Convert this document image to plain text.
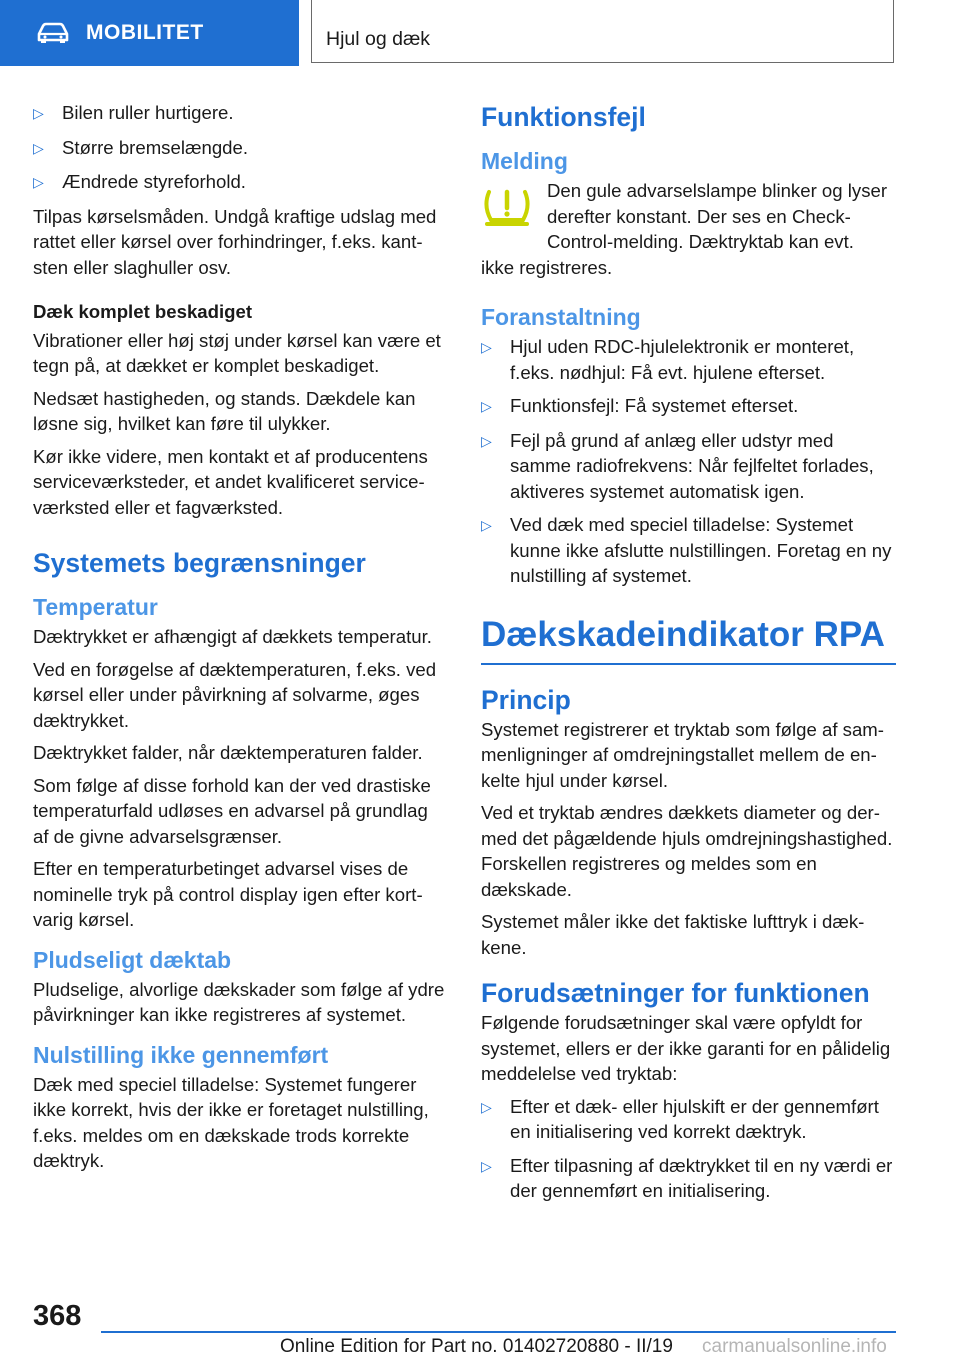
MOBILITET	Hjul og dæk
▷ Bilen ruller hurtigere.
▷ Større bremselængde.
▷ Ændrede styreforhold.

Tilpas kørselsmåden. Undgå kraftige udslag med rattet eller kørsel over forhindringer, f.eks. kantsten eller slaghuller osv.

Dæk komplet beskadiget

Vibrationer eller høj støj under kørsel kan være et tegn på, at dækket er komplet beskadiget.

Nedsæt hastigheden, og stands. Dækdele kan løsne sig, hvilket kan føre til ulykker.

Kør ikke videre, men kontakt et af producentens serviceværksteder, et andet kvalificeret serviceværksted eller et fagværksted.

Systemets begrænsninger
Temperatur

Dæktrykket er afhængigt af dækkets temperatur.

Ved en forøgelse af dæktemperaturen, f.eks. ved kørsel eller under påvirkning af solvarme, øges dæktrykket.

Dæktrykket falder, når dæktemperaturen falder.

Som følge af disse forhold kan der ved drastiske temperaturfald udløses en advarsel på grundlag af de givne advarselsgrænser.

Efter en temperaturbetinget advarsel vises de nominelle tryk på control display igen efter kortvarig kørsel.

Pludseligt dæktab

Pludselige, alvorlige dækskader som følge af ydre påvirkninger kan ikke registreres af systemet.

Nulstilling ikke gennemført

Dæk med speciel tilladelse: Systemet fungerer ikke korrekt, hvis der ikke er foretaget nulstilling, f.eks. meldes om en dækskade trods korrekte dæktryk.

Funktionsfejl
Melding

Den gule advarselslampe blinker og lyser derefter konstant. Der ses en Check-Control-melding. Dæktryktab kan evt.

ikke registreres.

Foranstaltning
▷ Hjul uden RDC-hjulelektronik er monteret, f.eks. nødhjul: Få evt. hjulene efterset.
▷ Funktionsfejl: Få systemet efterset.
▷ Fejl på grund af anlæg eller udstyr med samme radiofrekvens: Når fejlfeltet forlades, aktiveres systemet automatisk igen.
▷ Ved dæk med speciel tilladelse: Systemet kunne ikke afslutte nulstillingen. Foretag en ny nulstilling af systemet.
Dækskadeindikator RPA
Princip

Systemet registrerer et tryktab som følge af sammenligninger af omdrejningstallet mellem de enkelte hjul under kørsel.

Ved et tryktab ændres dækkets diameter og dermed det pågældende hjuls omdrejningshastighed. Forskellen registreres og meldes som en dækskade.

Systemet måler ikke det faktiske lufttryk i dækkene.

Forudsætninger for funktionen

Følgende forudsætninger skal være opfyldt for systemet, ellers er der ikke garanti for en pålidelig meddelelse ved tryktab:

▷ Efter et dæk- eller hjulskift er der gennemført en initialisering ved korrekt dæktryk.
▷ Efter tilpasning af dæktrykket til en ny værdi er der gennemført en initialisering.
368
Online Edition for Part no. 01402720880 - II/19 carmanualsonline.info
